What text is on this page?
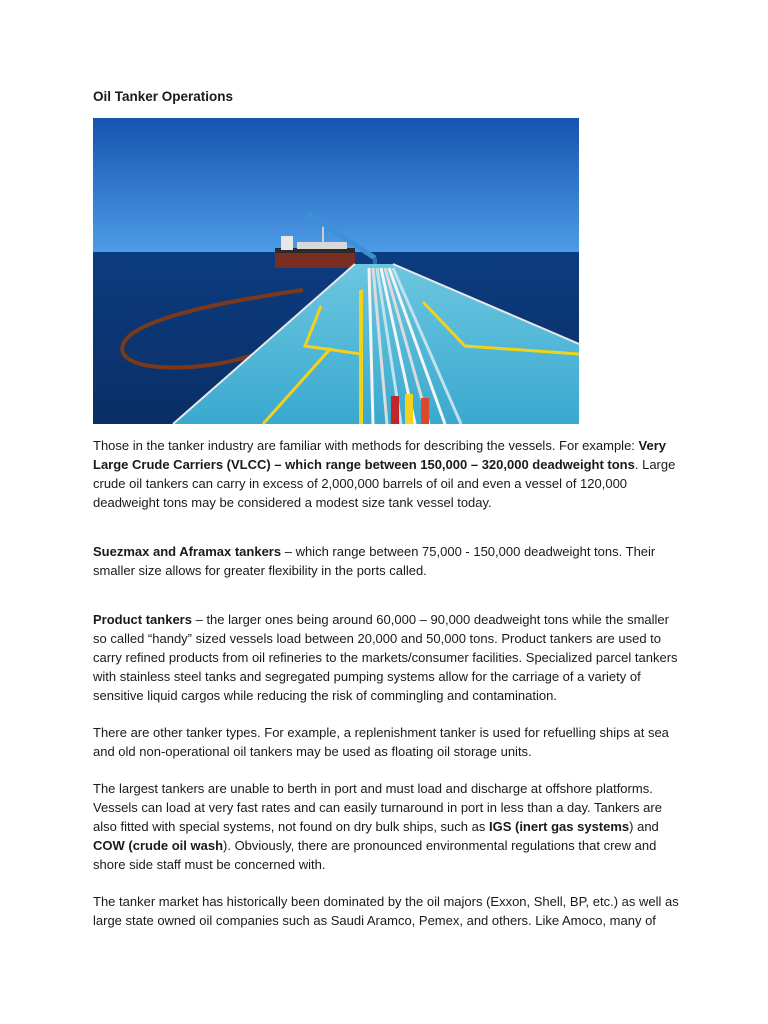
Oil Tanker Operations

Those in the tanker industry are familiar with methods for describing the vessels. For example: Very Large Crude Carriers (VLCC) – which range between 150,000 – 320,000 deadweight tons. Large crude oil tankers can carry in excess of 2,000,000 barrels of oil and even a vessel of 120,000 deadweight tons may be considered a modest size tank vessel today.

Suezmax and Aframax tankers – which range between 75,000 - 150,000 deadweight tons. Their smaller size allows for greater flexibility in the ports called.

Product tankers – the larger ones being around 60,000 – 90,000 deadweight tons while the smaller so called “handy” sized vessels load between 20,000 and 50,000 tons. Product tankers are used to carry refined products from oil refineries to the markets/consumer facilities. Specialized parcel tankers with stainless steel tanks and segregated pumping systems allow for the carriage of a variety of sensitive liquid cargos while reducing the risk of commingling and contamination.

There are other tanker types. For example, a replenishment tanker is used for refuelling ships at sea and old non-operational oil tankers may be used as floating oil storage units.

The largest tankers are unable to berth in port and must load and discharge at offshore platforms. Vessels can load at very fast rates and can easily turnaround in port in less than a day. Tankers are also fitted with special systems, not found on dry bulk ships, such as IGS (inert gas systems) and COW (crude oil wash). Obviously, there are pronounced environmental regulations that crew and shore side staff must be concerned with.

The tanker market has historically been dominated by the oil majors (Exxon, Shell, BP, etc.) as well as large state owned oil companies such as Saudi Aramco, Pemex, and others. Like Amoco, many of
